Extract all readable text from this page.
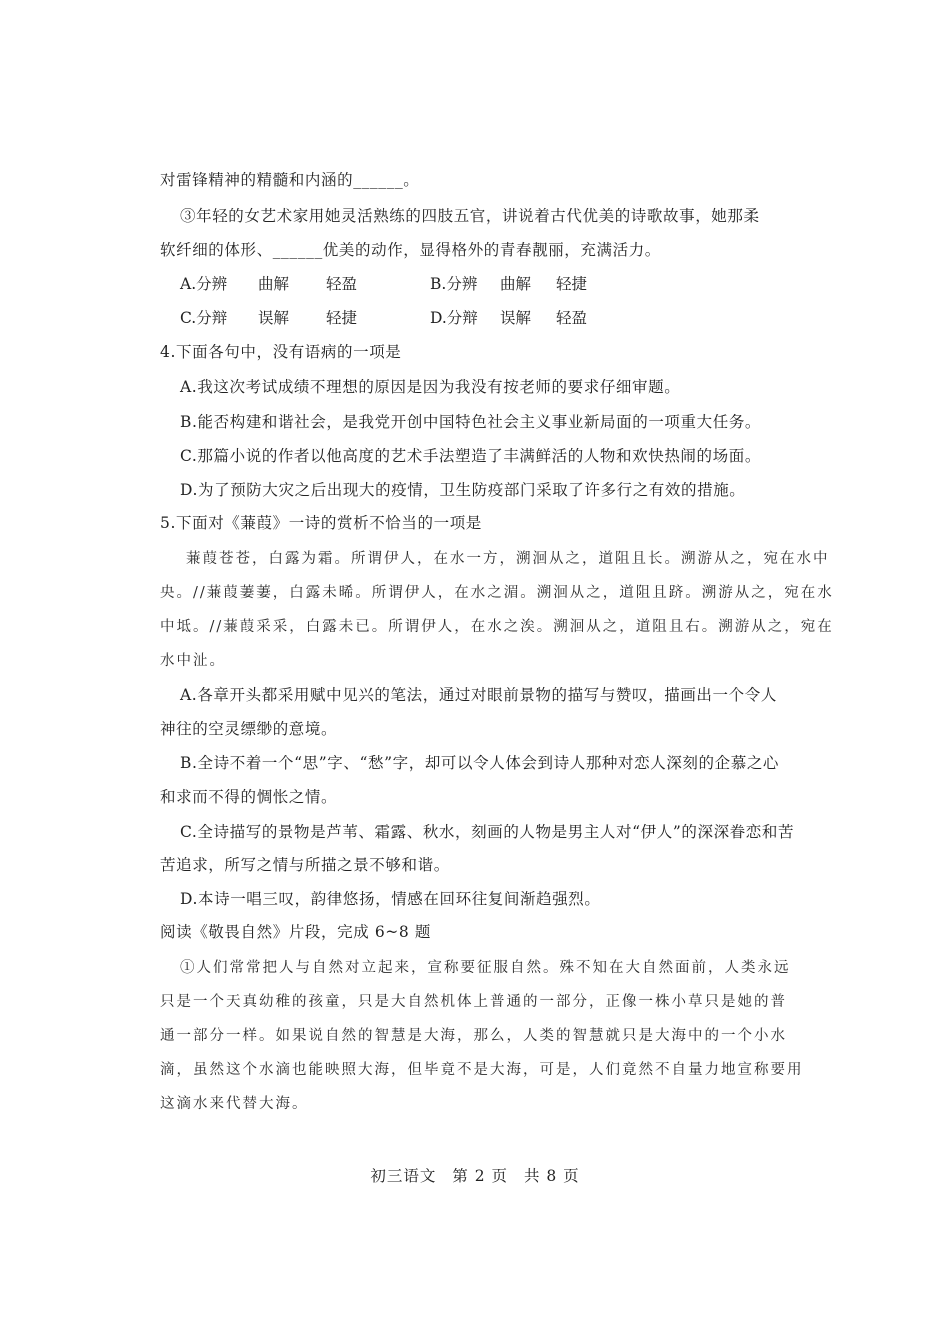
对雷锋精神的精髓和内涵的______。
③年轻的女艺术家用她灵活熟练的四肢五官，讲说着古代优美的诗歌故事，她那柔
软纤细的体形、______优美的动作，显得格外的青春靓丽，充满活力。
A.分辨 曲解 轻盈	B.分辨 曲解 轻捷
C.分辩 误解 轻捷	D.分辩 误解 轻盈
4.下面各句中，没有语病的一项是
A.我这次考试成绩不理想的原因是因为我没有按老师的要求仔细审题。
B.能否构建和谐社会，是我党开创中国特色社会主义事业新局面的一项重大任务。
C.那篇小说的作者以他高度的艺术手法塑造了丰满鲜活的人物和欢快热闹的场面。
D.为了预防大灾之后出现大的疫情，卫生防疫部门采取了许多行之有效的措施。
5.下面对《蒹葭》一诗的赏析不恰当的一项是
蒹葭苍苍，白露为霜。所谓伊人，在水一方，溯洄从之，道阻且长。溯游从之，宛在水中
央。//蒹葭萋萋，白露未晞。所谓伊人，在水之湄。溯洄从之，道阻且跻。溯游从之，宛在水
中坻。//蒹葭采采，白露未已。所谓伊人，在水之涘。溯洄从之，道阻且右。溯游从之，宛在
水中沚。
A.各章开头都采用赋中见兴的笔法，通过对眼前景物的描写与赞叹，描画出一个令人
神往的空灵缥缈的意境。
B.全诗不着一个“思”字、“愁”字，却可以令人体会到诗人那种对恋人深刻的企慕之心
和求而不得的惆怅之情。
C.全诗描写的景物是芦苇、霜露、秋水，刻画的人物是男主人对“伊人”的深深眷恋和苦
苦追求，所写之情与所描之景不够和谐。
D.本诗一唱三叹，韵律悠扬，情感在回环往复间渐趋强烈。
阅读《敬畏自然》片段，完成 6~8 题
①人们常常把人与自然对立起来，宣称要征服自然。殊不知在大自然面前，人类永远
只是一个天真幼稚的孩童，只是大自然机体上普通的一部分，正像一株小草只是她的普
通一部分一样。如果说自然的智慧是大海，那么，人类的智慧就只是大海中的一个小水
滴，虽然这个水滴也能映照大海，但毕竟不是大海，可是，人们竟然不自量力地宣称要用
这滴水来代替大海。
初三语文 第 2 页 共 8 页
